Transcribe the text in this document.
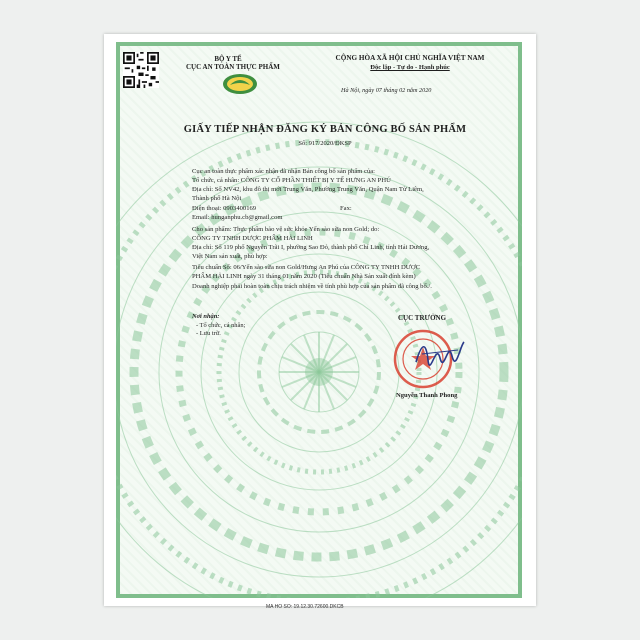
BỘ Y TẾ
CỤC AN TOÀN THỰC PHẨM
CỘNG HÒA XÃ HỘI CHỦ NGHĨA VIỆT NAM
Độc lập - Tự do - Hạnh phúc
Hà Nội, ngày 07 tháng 02 năm 2020
GIẤY TIẾP NHẬN ĐĂNG KÝ BẢN CÔNG BỐ SẢN PHẨM
Số: 917/2020/ĐKSP
Cục an toàn thực phẩm xác nhận đã nhận Bản công bố sản phẩm của:
Tổ chức, cá nhân: CÔNG TY CỔ PHẦN THIẾT BỊ Y TẾ HƯNG AN PHÚ
Địa chỉ: Số NV42, khu đô thị mới Trung Văn, Phường Trung Văn, Quận Nam Từ Liêm,
Thành phố Hà Nội
Điện thoại: 0903400169	Fax:
Email: hunganphu.cb@gmail.com
Cho sản phẩm: Thực phẩm bảo vệ sức khỏe Yến sào sữa non Gold; do:
CÔNG TY TNHH DƯỢC PHẨM HẢI LINH
Địa chỉ: Số 119 phố Nguyễn Trãi I, phường Sao Đỏ, thành phố Chí Linh, tỉnh Hải Dương,
Việt Nam sản xuất, phù hợp:
Tiêu chuẩn Số: 06/Yến sào sữa non Gold/Hưng An Phú của CÔNG TY TNHH DƯỢC
PHẨM HẢI LINH ngày 31 tháng 01 năm 2020 (Tiêu chuẩn Nhà Sản xuất đính kèm)
Doanh nghiệp phải hoàn toàn chịu trách nhiệm về tính phù hợp của sản phẩm đã công bố./.
Nơi nhận:
- Tổ chức, cá nhân;
- Lưu trữ.
CỤC TRƯỞNG
Nguyễn Thanh Phong
MA HO SO: 19.12.30.72600.DKCB
